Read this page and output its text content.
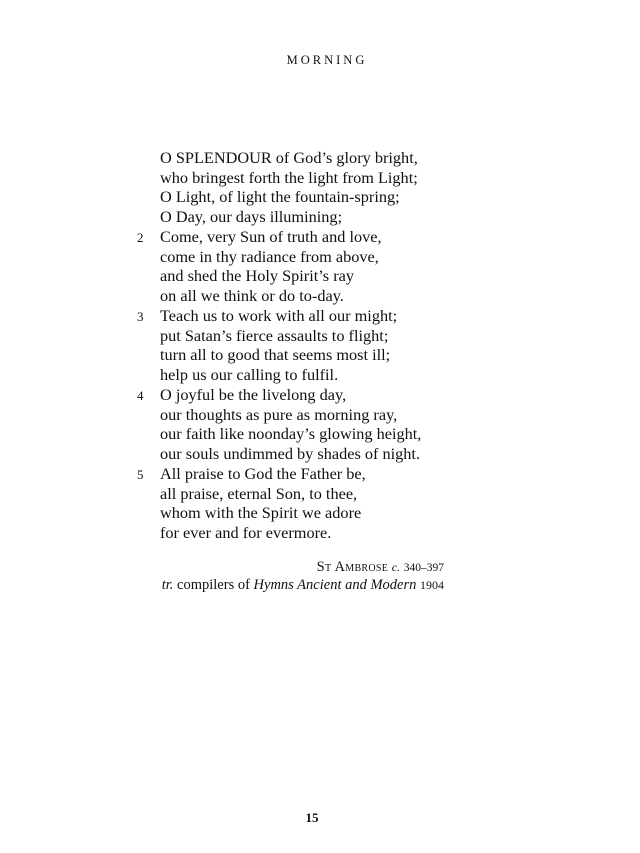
MORNING
O SPLENDOUR of God’s glory bright,
who bringest forth the light from Light;
O Light, of light the fountain-spring;
O Day, our days illumining;
2 Come, very Sun of truth and love,
come in thy radiance from above,
and shed the Holy Spirit’s ray
on all we think or do to-day.
3 Teach us to work with all our might;
put Satan’s fierce assaults to flight;
turn all to good that seems most ill;
help us our calling to fulfil.
4 O joyful be the livelong day,
our thoughts as pure as morning ray,
our faith like noonday’s glowing height,
our souls undimmed by shades of night.
5 All praise to God the Father be,
all praise, eternal Son, to thee,
whom with the Spirit we adore
for ever and for evermore.
St Ambrose c. 340–397
tr. compilers of Hymns Ancient and Modern 1904
15
